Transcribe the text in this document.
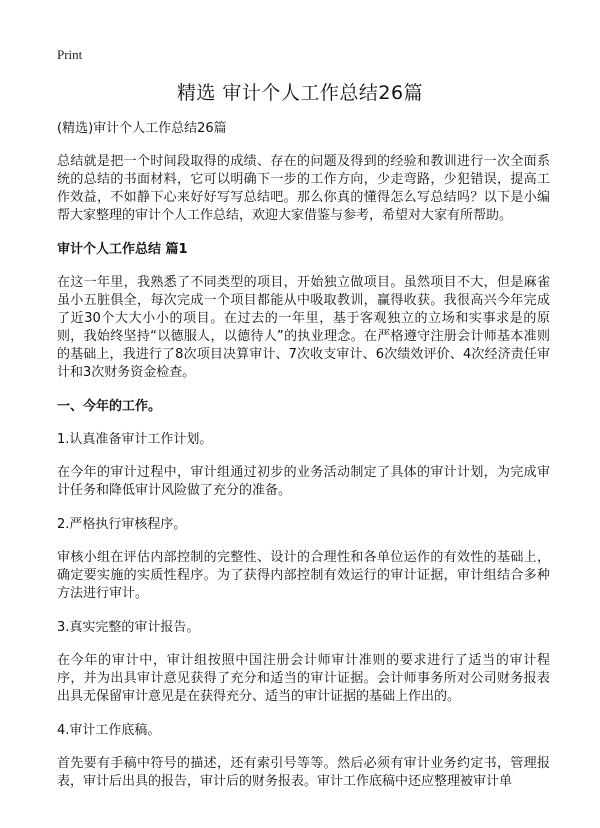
Print
精选 审计个人工作总结26篇

(精选)审计个人工作总结26篇

总结就是把一个时间段取得的成绩、存在的问题及得到的经验和教训进行一次全面系统的总结的书面材料，它可以明确下一步的工作方向，少走弯路，少犯错误，提高工作效益，不如静下心来好好写写总结吧。那么你真的懂得怎么写总结吗？以下是小编帮大家整理的审计个人工作总结，欢迎大家借鉴与参考，希望对大家有所帮助。

审计个人工作总结 篇1

在这一年里，我熟悉了不同类型的项目，开始独立做项目。虽然项目不大，但是麻雀虽小五脏俱全，每次完成一个项目都能从中吸取教训，赢得收获。我很高兴今年完成了近30个大大小小的项目。在过去的一年里，基于客观独立的立场和实事求是的原则，我始终坚持“以德服人，以德待人”的执业理念。在严格遵守注册会计师基本准则的基础上，我进行了8次项目决算审计、7次收支审计、6次绩效评价、4次经济责任审计和3次财务资金检查。

一、今年的工作。

1.认真准备审计工作计划。

在今年的审计过程中，审计组通过初步的业务活动制定了具体的审计计划，为完成审计任务和降低审计风险做了充分的准备。

2.严格执行审核程序。

审核小组在评估内部控制的完整性、设计的合理性和各单位运作的有效性的基础上，确定要实施的实质性程序。为了获得内部控制有效运行的审计证据，审计组结合多种方法进行审计。

3.真实完整的审计报告。

在今年的审计中，审计组按照中国注册会计师审计准则的要求进行了适当的审计程序，并为出具审计意见获得了充分和适当的审计证据。会计师事务所对公司财务报表出具无保留审计意见是在获得充分、适当的审计证据的基础上作出的。

4.审计工作底稿。

首先要有手稿中符号的描述，还有索引号等等。然后必须有审计业务约定书，管理报表，审计后出具的报告，审计后的财务报表。审计工作底稿中还应整理被审计单
